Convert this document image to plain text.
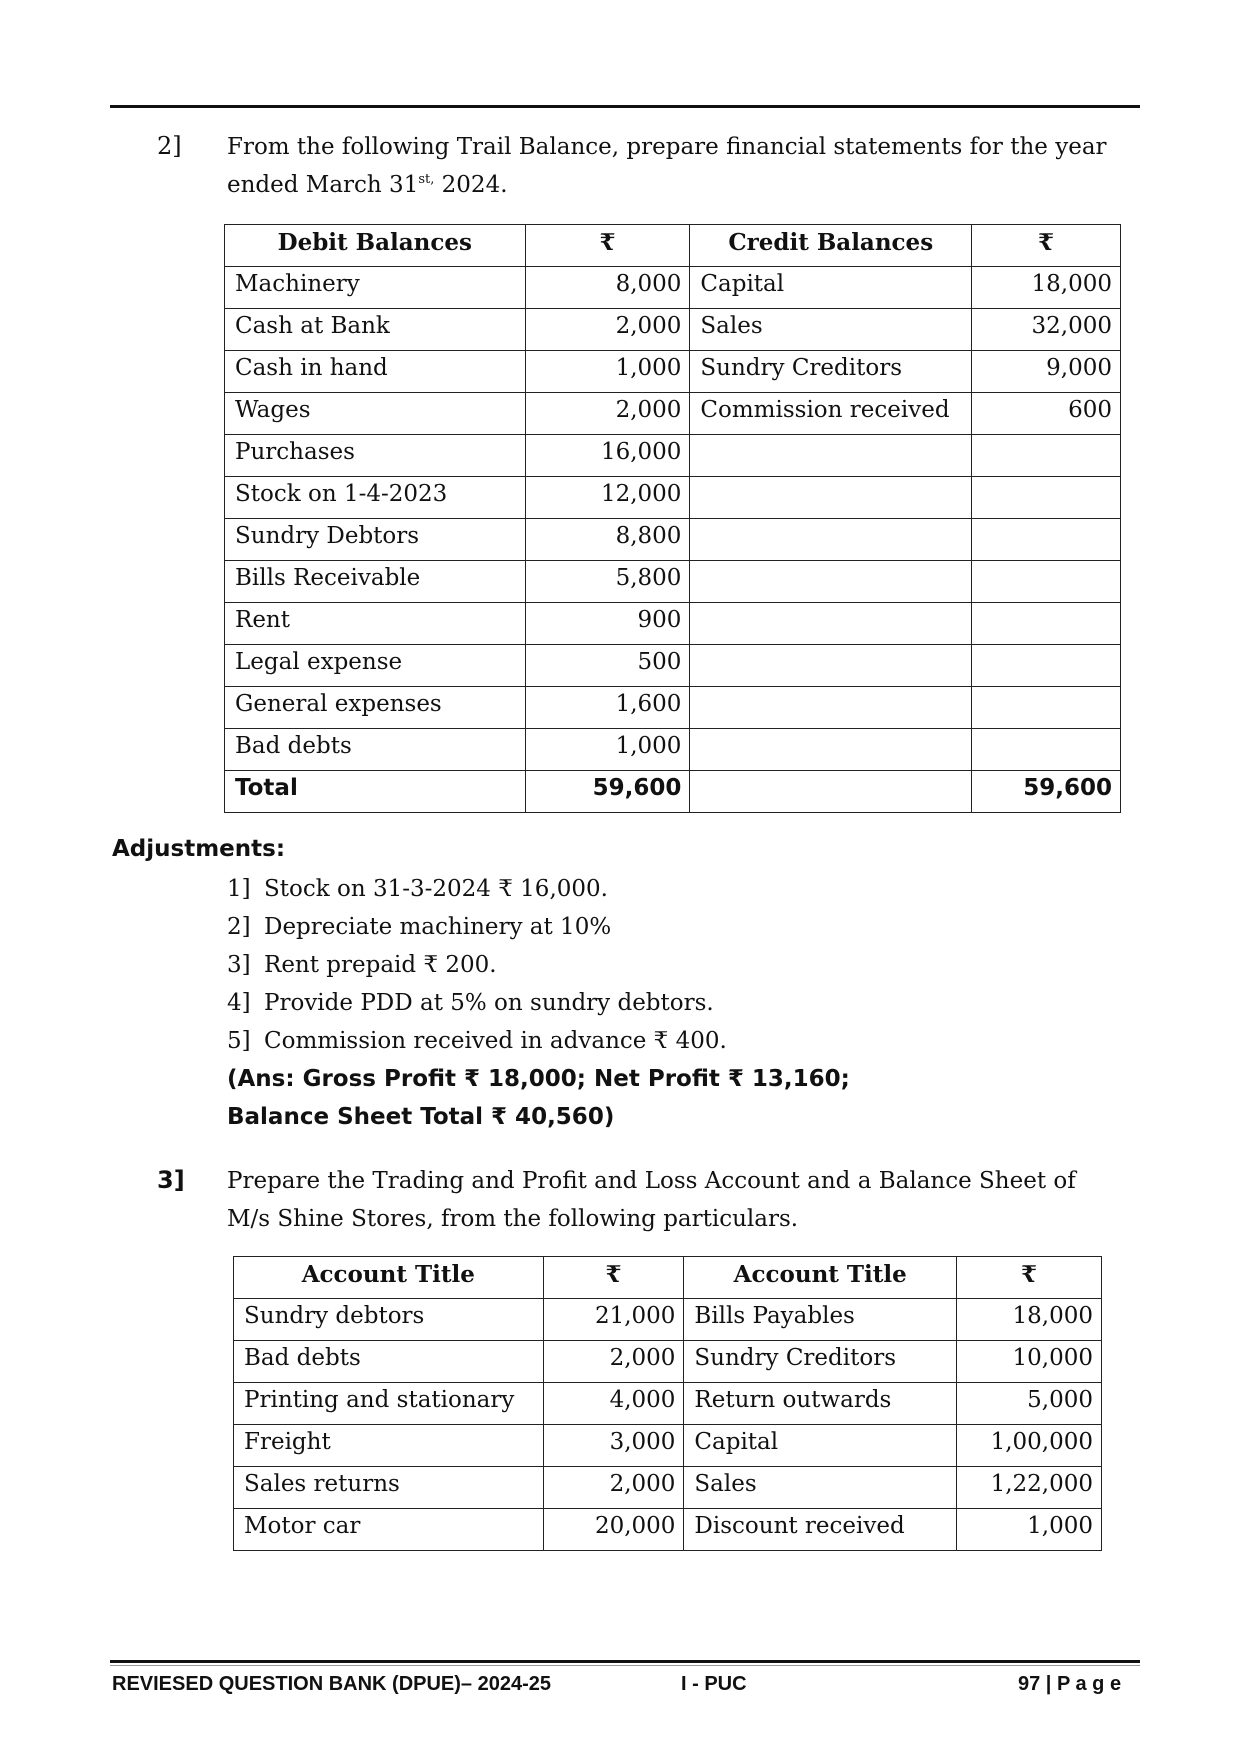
2] From the following Trail Balance, prepare financial statements for the year
ended March $31^{st,}$ 2024.
Debit Balances	₹	Credit Balances	₹
Machinery	8,000	Capital	18,000
Cash at Bank	2,000	Sales	32,000
Cash in hand	1,000	Sundry Creditors	9,000
Wages	2,000	Commission received	600
Purchases	16,000		
Stock on 1-4-2023	12,000		
Sundry Debtors	8,800		
Bills Receivable	5,800		
Rent	900		
Legal expense	500		
General expenses	1,600		
Bad debts	1,000		
Total	59,600		59,600
Adjustments:
1] Stock on 31-3-2024 ₹ 16,000.
2] Depreciate machinery at 10%
3] Rent prepaid ₹ 200.
4] Provide PDD at 5% on sundry debtors.
5] Commission received in advance ₹ 400.
(Ans: Gross Profit ₹ 18,000; Net Profit ₹ 13,160;
Balance Sheet Total ₹ 40,560)
3] Prepare the Trading and Profit and Loss Account and a Balance Sheet of
M/s Shine Stores, from the following particulars.
Account Title	₹	Account Title	₹
Sundry debtors	21,000	Bills Payables	18,000
Bad debts	2,000	Sundry Creditors	10,000
Printing and stationary	4,000	Return outwards	5,000
Freight	3,000	Capital	1,00,000
Sales returns	2,000	Sales	1,22,000
Motor car	20,000	Discount received	1,000
REVIESED QUESTION BANK (DPUE)– 2024-25	I - PUC	97 | P a g e
